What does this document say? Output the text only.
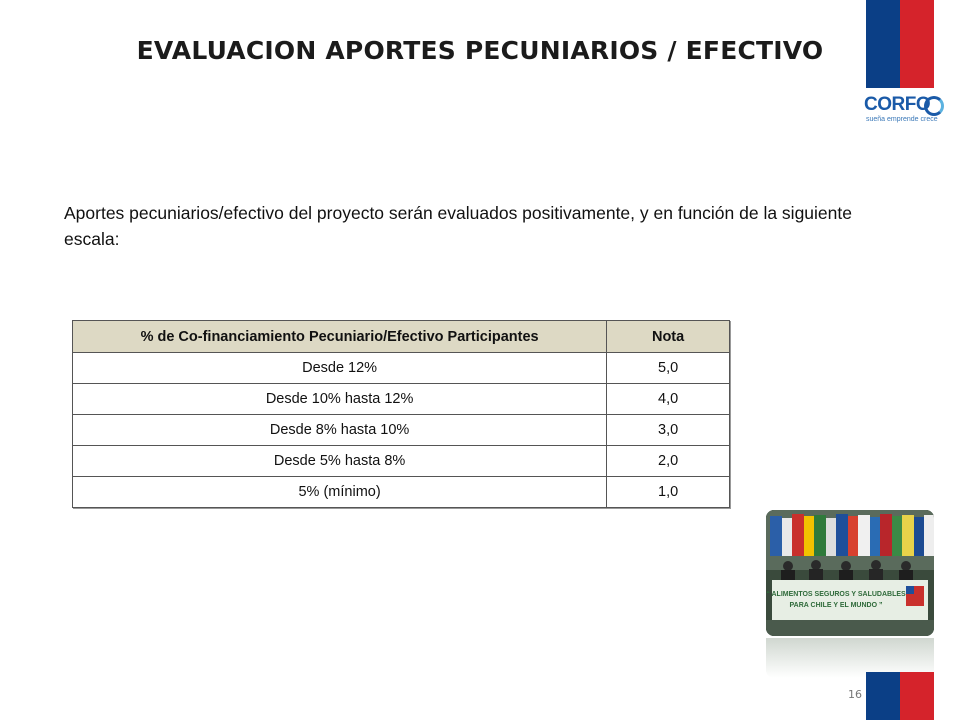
EVALUACION APORTES PECUNIARIOS / EFECTIVO
CORFO
sueña emprende crece
Aportes pecuniarios/efectivo del proyecto serán evaluados positivamente, y en función de la siguiente escala:
% de Co-financiamiento Pecuniario/Efectivo Participantes	Nota
Desde 12%	5,0
Desde 10% hasta 12%	4,0
Desde 8% hasta 10%	3,0
Desde 5% hasta 8%	2,0
5% (mínimo)	1,0
“ ALIMENTOS SEGUROS Y SALUDABLES
PARA CHILE Y EL MUNDO ”
16
